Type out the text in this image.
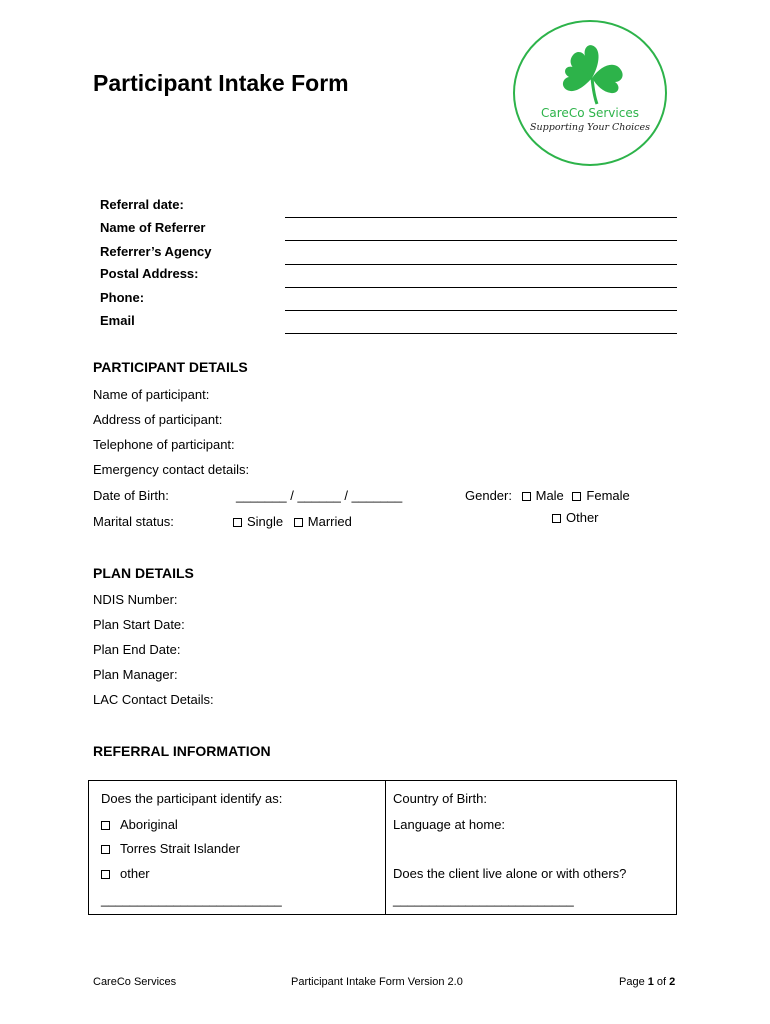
Participant Intake Form
CareCo Services
Supporting Your Choices
Referral date:
Name of Referrer
Referrer’s Agency
Postal Address:
Phone:
Email
PARTICIPANT DETAILS
Name of participant:
Address of participant:
Telephone of participant:
Emergency contact details:
Date of Birth:	_______ / ______ / _______	Gender: Male Female
Other
Marital status:	Single Married
PLAN DETAILS
NDIS Number:
Plan Start Date:
Plan End Date:
Plan Manager:
LAC Contact Details:
REFERRAL INFORMATION
Does the participant identify as:
Aboriginal
Torres Strait Islander
other
_________________________
Country of Birth:
Language at home:
Does the client live alone or with others?
_________________________
CareCo Services	Participant Intake Form Version 2.0	Page 1 of 2
